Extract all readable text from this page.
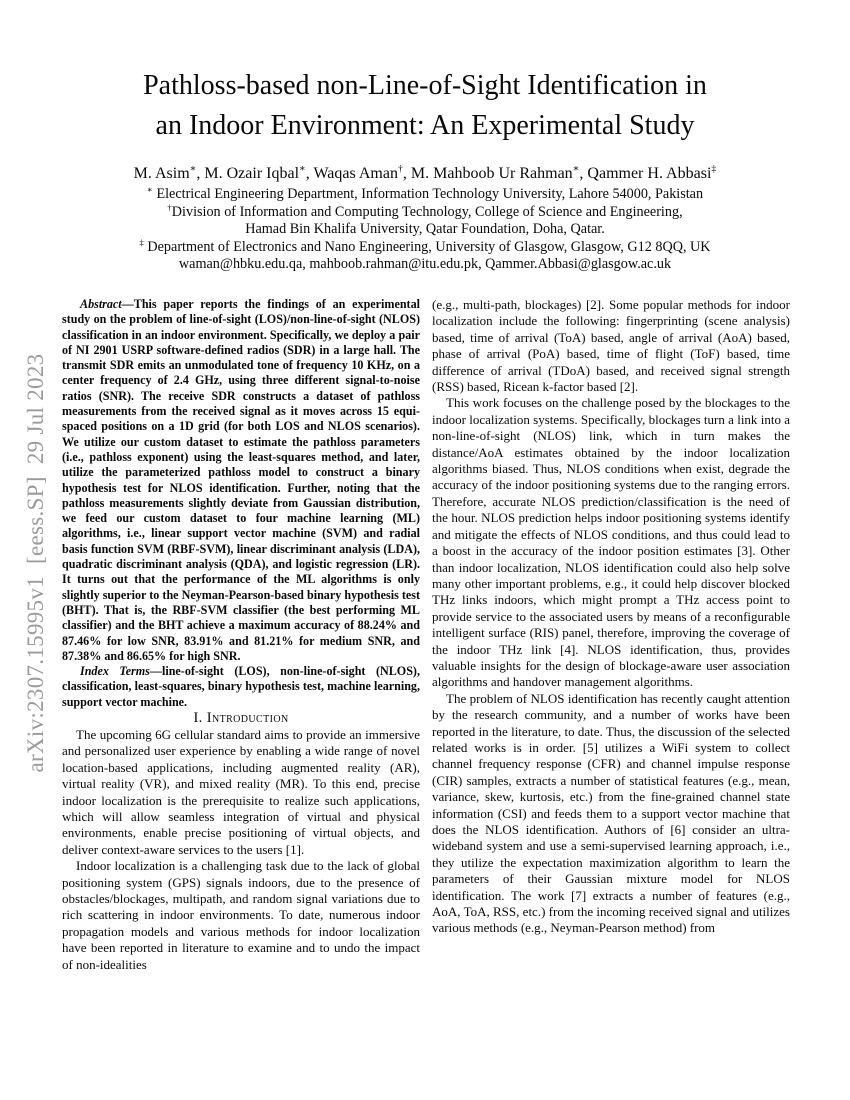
arXiv:2307.15995v1  [eess.SP]  29 Jul 2023
Pathloss-based non-Line-of-Sight Identification in
an Indoor Environment: An Experimental Study
M. Asim∗, M. Ozair Iqbal∗, Waqas Aman†, M. Mahboob Ur Rahman∗, Qammer H. Abbasi‡
∗ Electrical Engineering Department, Information Technology University, Lahore 54000, Pakistan
†Division of Information and Computing Technology, College of Science and Engineering,
Hamad Bin Khalifa University, Qatar Foundation, Doha, Qatar.
‡ Department of Electronics and Nano Engineering, University of Glasgow, Glasgow, G12 8QQ, UK
waman@hbku.edu.qa, mahboob.rahman@itu.edu.pk, Qammer.Abbasi@glasgow.ac.uk

Abstract—This paper reports the findings of an experimental study on the problem of line-of-sight (LOS)/non-line-of-sight (NLOS) classification in an indoor environment. Specifically, we deploy a pair of NI 2901 USRP software-defined radios (SDR) in a large hall. The transmit SDR emits an unmodulated tone of frequency 10 KHz, on a center frequency of 2.4 GHz, using three different signal-to-noise ratios (SNR). The receive SDR constructs a dataset of pathloss measurements from the received signal as it moves across 15 equi-spaced positions on a 1D grid (for both LOS and NLOS scenarios). We utilize our custom dataset to estimate the pathloss parameters (i.e., pathloss exponent) using the least-squares method, and later, utilize the parameterized pathloss model to construct a binary hypothesis test for NLOS identification. Further, noting that the pathloss measurements slightly deviate from Gaussian distribution, we feed our custom dataset to four machine learning (ML) algorithms, i.e., linear support vector machine (SVM) and radial basis function SVM (RBF-SVM), linear discriminant analysis (LDA), quadratic discriminant analysis (QDA), and logistic regression (LR). It turns out that the performance of the ML algorithms is only slightly superior to the Neyman-Pearson-based binary hypothesis test (BHT). That is, the RBF-SVM classifier (the best performing ML classifier) and the BHT achieve a maximum accuracy of 88.24% and 87.46% for low SNR, 83.91% and 81.21% for medium SNR, and 87.38% and 86.65% for high SNR.

Index Terms—line-of-sight (LOS), non-line-of-sight (NLOS), classification, least-squares, binary hypothesis test, machine learning, support vector machine.

I. Introduction

The upcoming 6G cellular standard aims to provide an immersive and personalized user experience by enabling a wide range of novel location-based applications, including augmented reality (AR), virtual reality (VR), and mixed reality (MR). To this end, precise indoor localization is the prerequisite to realize such applications, which will allow seamless integration of virtual and physical environments, enable precise positioning of virtual objects, and deliver context-aware services to the users [1].

Indoor localization is a challenging task due to the lack of global positioning system (GPS) signals indoors, due to the presence of obstacles/blockages, multipath, and random signal variations due to rich scattering in indoor environments. To date, numerous indoor propagation models and various methods for indoor localization have been reported in literature to examine and to undo the impact of non-idealities

(e.g., multi-path, blockages) [2]. Some popular methods for indoor localization include the following: fingerprinting (scene analysis) based, time of arrival (ToA) based, angle of arrival (AoA) based, phase of arrival (PoA) based, time of flight (ToF) based, time difference of arrival (TDoA) based, and received signal strength (RSS) based, Ricean k-factor based [2].

This work focuses on the challenge posed by the blockages to the indoor localization systems. Specifically, blockages turn a link into a non-line-of-sight (NLOS) link, which in turn makes the distance/AoA estimates obtained by the indoor localization algorithms biased. Thus, NLOS conditions when exist, degrade the accuracy of the indoor positioning systems due to the ranging errors. Therefore, accurate NLOS prediction/classification is the need of the hour. NLOS prediction helps indoor positioning systems identify and mitigate the effects of NLOS conditions, and thus could lead to a boost in the accuracy of the indoor position estimates [3]. Other than indoor localization, NLOS identification could also help solve many other important problems, e.g., it could help discover blocked THz links indoors, which might prompt a THz access point to provide service to the associated users by means of a reconfigurable intelligent surface (RIS) panel, therefore, improving the coverage of the indoor THz link [4]. NLOS identification, thus, provides valuable insights for the design of blockage-aware user association algorithms and handover management algorithms.

The problem of NLOS identification has recently caught attention by the research community, and a number of works have been reported in the literature, to date. Thus, the discussion of the selected related works is in order. [5] utilizes a WiFi system to collect channel frequency response (CFR) and channel impulse response (CIR) samples, extracts a number of statistical features (e.g., mean, variance, skew, kurtosis, etc.) from the fine-grained channel state information (CSI) and feeds them to a support vector machine that does the NLOS identification. Authors of [6] consider an ultra-wideband system and use a semi-supervised learning approach, i.e., they utilize the expectation maximization algorithm to learn the parameters of their Gaussian mixture model for NLOS identification. The work [7] extracts a number of features (e.g., AoA, ToA, RSS, etc.) from the incoming received signal and utilizes various methods (e.g., Neyman-Pearson method) from
